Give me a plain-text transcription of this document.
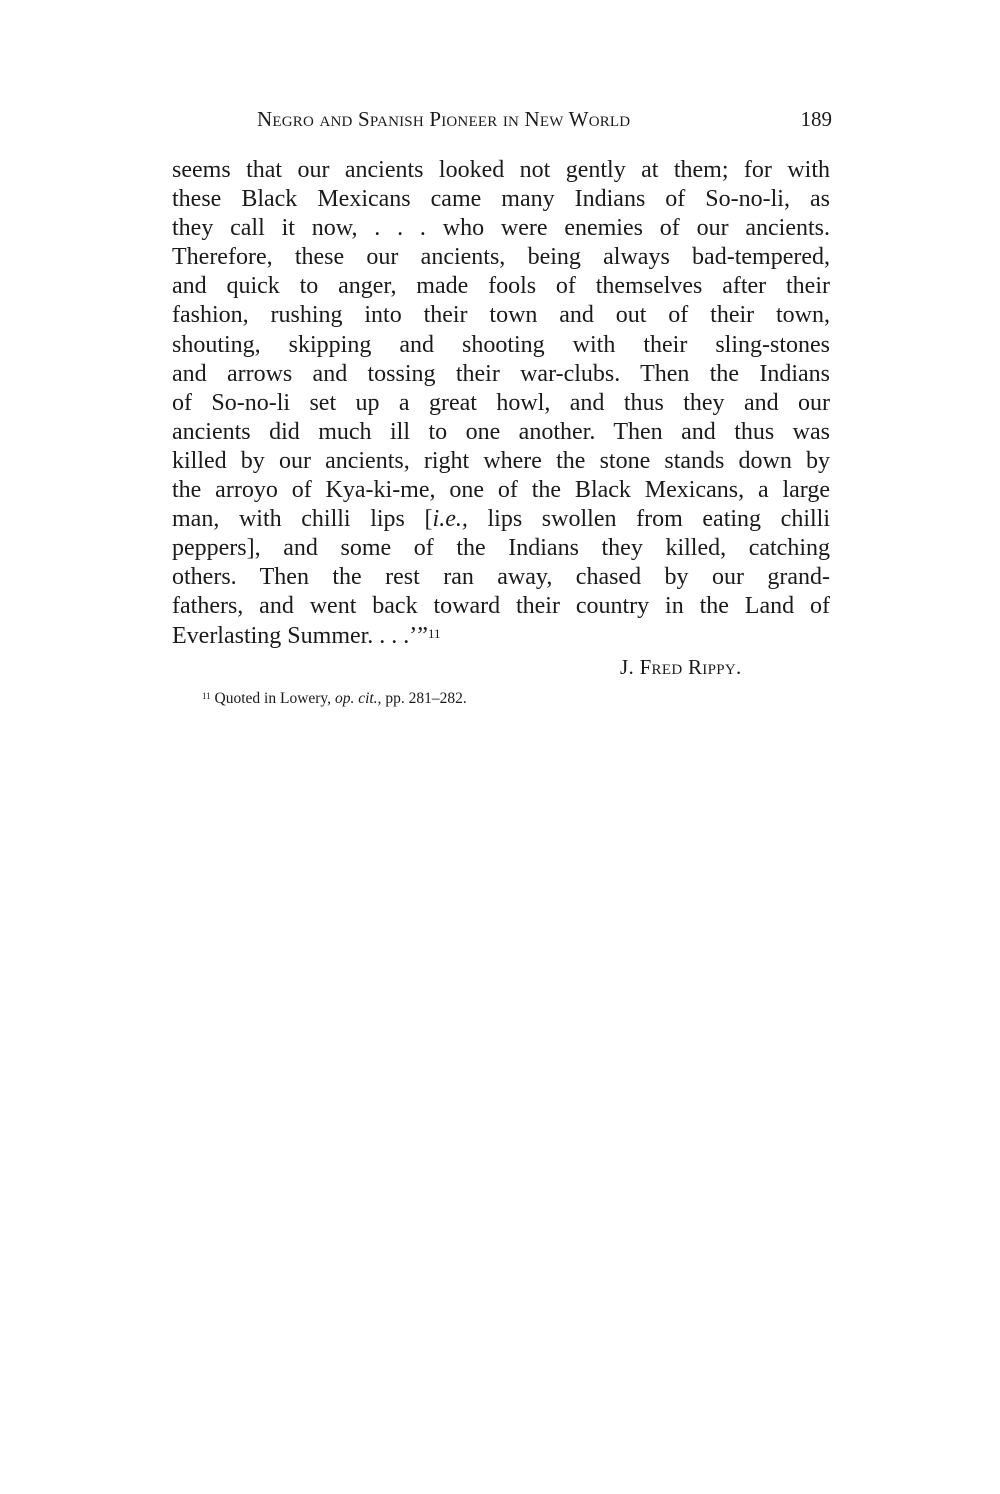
Negro and Spanish Pioneer in New World	189
seems that our ancients looked not gently at them; for with
these Black Mexicans came many Indians of So-no-li, as
they call it now, . . . who were enemies of our ancients.
Therefore, these our ancients, being always bad-tempered,
and quick to anger, made fools of themselves after their
fashion, rushing into their town and out of their town,
shouting, skipping and shooting with their sling-stones
and arrows and tossing their war-clubs. Then the Indians
of So-no-li set up a great howl, and thus they and our
ancients did much ill to one another. Then and thus was
killed by our ancients, right where the stone stands down by
the arroyo of Kya-ki-me, one of the Black Mexicans, a large
man, with chilli lips [i.e., lips swollen from eating chilli
peppers], and some of the Indians they killed, catching
others. Then the rest ran away, chased by our grand-
fathers, and went back toward their country in the Land of
Everlasting Summer. . . .’”$^{11}$
J. Fred Rippy.
$^{11}$ Quoted in Lowery, op. cit., pp. 281–282.
